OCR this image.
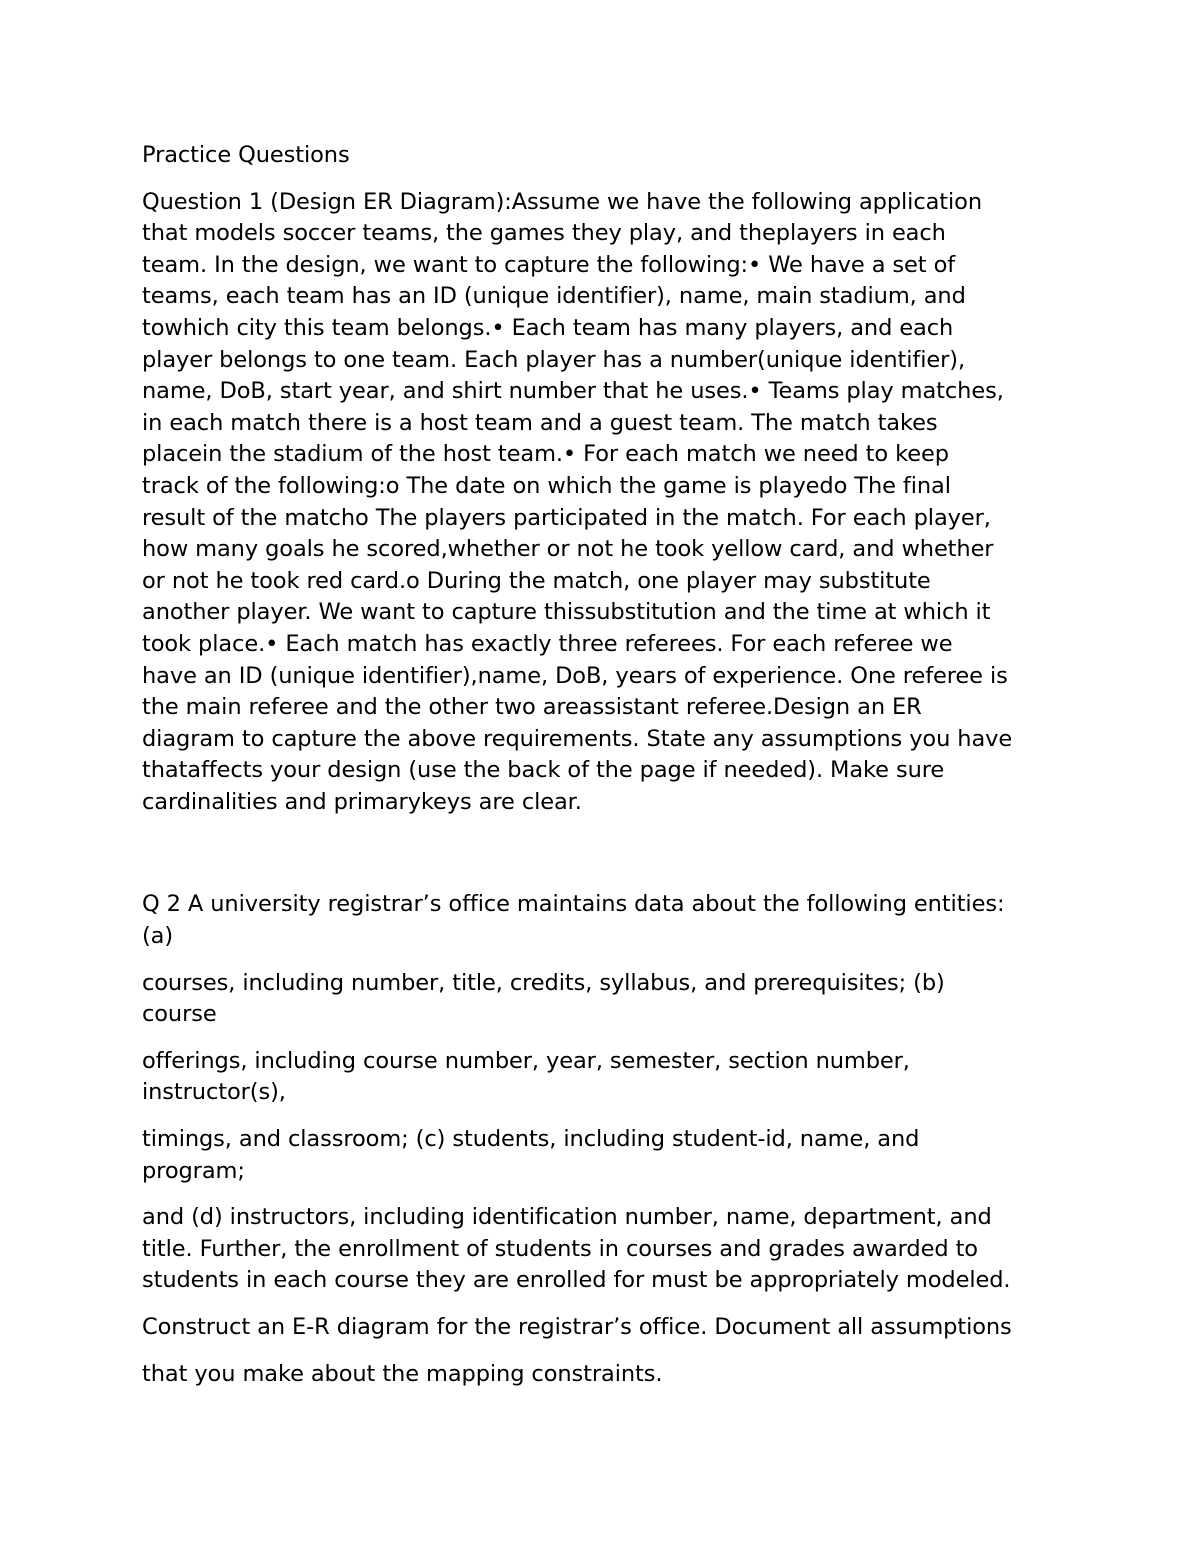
Practice Questions
Question 1 (Design ER Diagram):Assume we have the following application
that models soccer teams, the games they play, and theplayers in each
team. In the design, we want to capture the following:• We have a set of
teams, each team has an ID (unique identifier), name, main stadium, and
towhich city this team belongs.• Each team has many players, and each
player belongs to one team. Each player has a number(unique identifier),
name, DoB, start year, and shirt number that he uses.• Teams play matches,
in each match there is a host team and a guest team. The match takes
placein the stadium of the host team.• For each match we need to keep
track of the following:o The date on which the game is playedo The final
result of the matcho The players participated in the match. For each player,
how many goals he scored,whether or not he took yellow card, and whether
or not he took red card.o During the match, one player may substitute
another player. We want to capture thissubstitution and the time at which it
took place.• Each match has exactly three referees. For each referee we
have an ID (unique identifier),name, DoB, years of experience. One referee is
the main referee and the other two areassistant referee.Design an ER
diagram to capture the above requirements. State any assumptions you have
thataffects your design (use the back of the page if needed). Make sure
cardinalities and primarykeys are clear.
Q 2 A university registrar’s office maintains data about the following entities:
(a)
courses, including number, title, credits, syllabus, and prerequisites; (b)
course
offerings, including course number, year, semester, section number,
instructor(s),
timings, and classroom; (c) students, including student-id, name, and
program;
and (d) instructors, including identification number, name, department, and
title. Further, the enrollment of students in courses and grades awarded to
students in each course they are enrolled for must be appropriately modeled.
Construct an E-R diagram for the registrar’s office. Document all assumptions
that you make about the mapping constraints.
